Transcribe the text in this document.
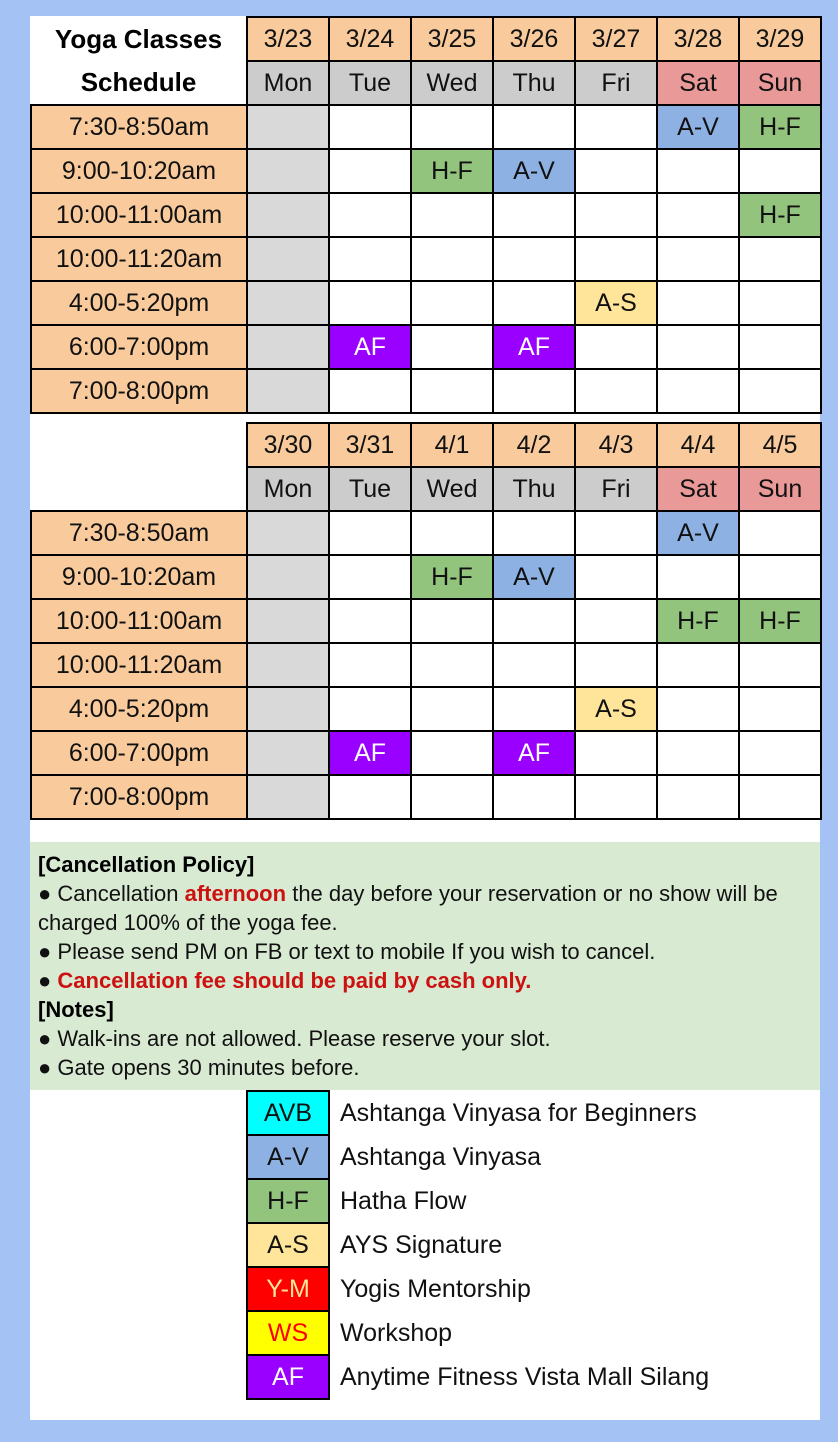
Yoga Classes	3/23	3/24	3/25	3/26	3/27	3/28	3/29
Schedule	Mon	Tue	Wed	Thu	Fri	Sat	Sun
7:30-8:50am						A-V	H-F
9:00-10:20am			H-F	A-V			
10:00-11:00am							H-F
10:00-11:20am							
4:00-5:20pm					A-S		
6:00-7:00pm		AF		AF			
7:00-8:00pm							
	3/30	3/31	4/1	4/2	4/3	4/4	4/5
	Mon	Tue	Wed	Thu	Fri	Sat	Sun
7:30-8:50am						A-V	
9:00-10:20am			H-F	A-V			
10:00-11:00am						H-F	H-F
10:00-11:20am							
4:00-5:20pm					A-S		
6:00-7:00pm		AF		AF			
7:00-8:00pm							
[Cancellation Policy]
● Cancellation afternoon the day before your reservation or no show will be charged 100% of the yoga fee.
● Please send PM on FB or text to mobile If you wish to cancel.
● Cancellation fee should be paid by cash only.
[Notes]
● Walk-ins are not allowed. Please reserve your slot.
● Gate opens 30 minutes before.
AVB	Ashtanga Vinyasa for Beginners
A-V	Ashtanga Vinyasa
H-F	Hatha Flow
A-S	AYS Signature
Y-M	Yogis Mentorship
WS	Workshop
AF	Anytime Fitness Vista Mall Silang
